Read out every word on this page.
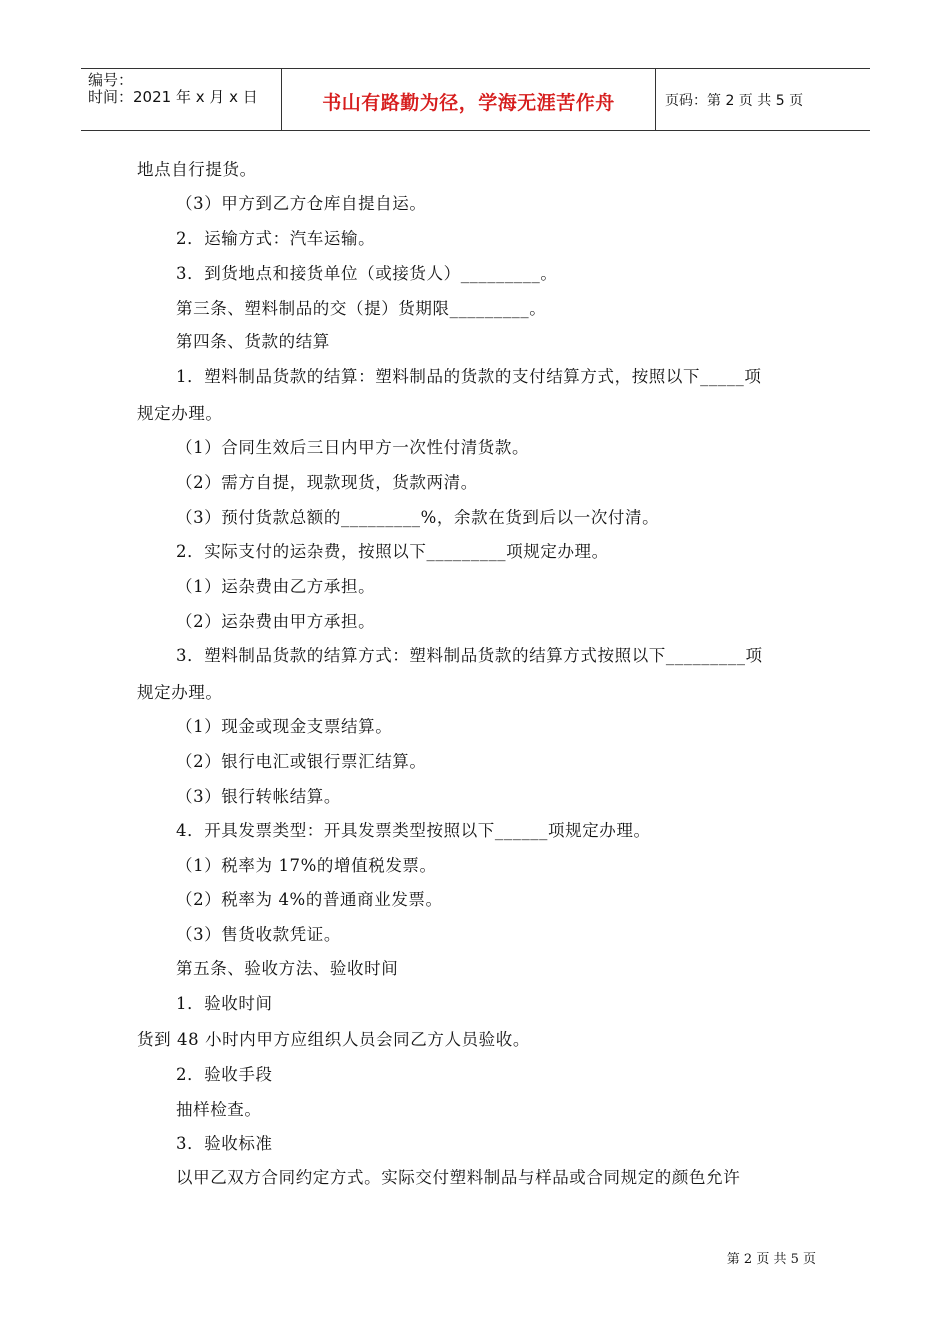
编号：
时间：2021 年 x 月 x 日	书山有路勤为径，学海无涯苦作舟	页码：第 2 页 共 5 页
地点自行提货。
（3）甲方到乙方仓库自提自运。
2．运输方式：汽车运输。
3．到货地点和接货单位（或接货人）_________。
第三条、塑料制品的交（提）货期限_________。
第四条、货款的结算
1．塑料制品货款的结算：塑料制品的货款的支付结算方式，按照以下_____项
规定办理。
（1）合同生效后三日内甲方一次性付清货款。
（2）需方自提，现款现货，货款两清。
（3）预付货款总额的_________%，余款在货到后以一次付清。
2．实际支付的运杂费，按照以下_________项规定办理。
（1）运杂费由乙方承担。
（2）运杂费由甲方承担。
3．塑料制品货款的结算方式：塑料制品货款的结算方式按照以下_________项
规定办理。
（1）现金或现金支票结算。
（2）银行电汇或银行票汇结算。
（3）银行转帐结算。
4．开具发票类型：开具发票类型按照以下______项规定办理。
（1）税率为 17%的增值税发票。
（2）税率为 4%的普通商业发票。
（3）售货收款凭证。
第五条、验收方法、验收时间
1．验收时间
货到 48 小时内甲方应组织人员会同乙方人员验收。
2．验收手段
抽样检查。
3．验收标准
以甲乙双方合同约定方式。实际交付塑料制品与样品或合同规定的颜色允许
第 2 页 共 5 页
